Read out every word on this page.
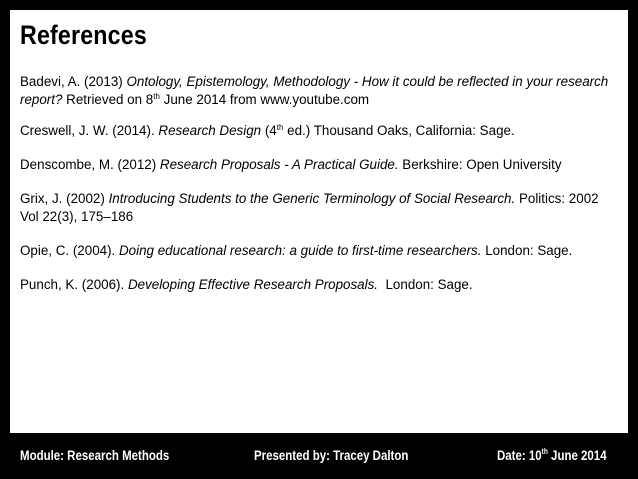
References

Badevi, A. (2013) Ontology, Epistemology, Methodology - How it could be reflected in your research report? Retrieved on 8th June 2014 from www.youtube.com

Creswell, J. W. (2014). Research Design (4th ed.) Thousand Oaks, California: Sage.

Denscombe, M. (2012) Research Proposals - A Practical Guide. Berkshire: Open University

Grix, J. (2002) Introducing Students to the Generic Terminology of Social Research. Politics: 2002 Vol 22(3), 175–186

Opie, C. (2004). Doing educational research: a guide to first-time researchers. London: Sage.

Punch, K. (2006). Developing Effective Research Proposals.  London: Sage.

Module: Research Methods	Presented by: Tracey Dalton	Date: 10th June 2014
